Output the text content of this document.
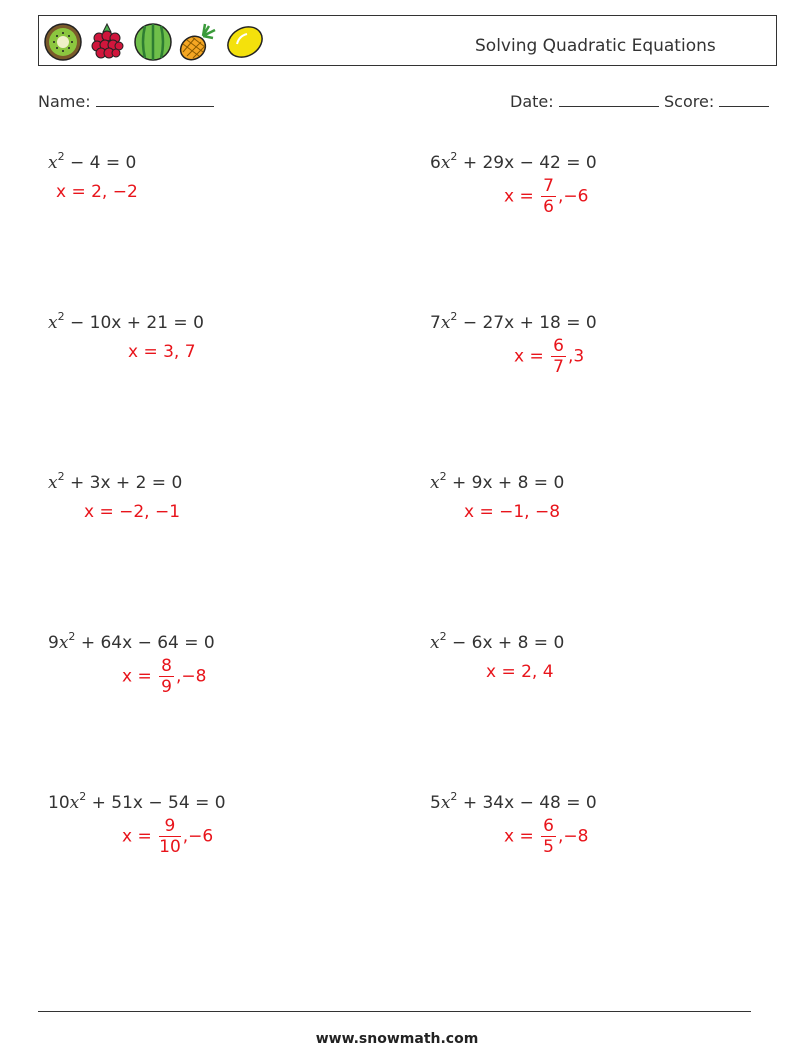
Solving Quadratic Equations
Name:	Date:	Score:
$x^2 - 4 = 0$
x = 2, −2
$6x^2 + 29x - 42 = 0$
$x = \frac{7}{6} ,-6$
$x^2 - 10x + 21 = 0$
x = 3, 7
$7x^2 - 27x + 18 = 0$
$x = \frac{6}{7} ,3$
$x^2 + 3x + 2 = 0$
x = −2, −1
$x^2 + 9x + 8 = 0$
x = −1, −8
$9x^2 + 64x - 64 = 0$
$x = \frac{8}{9} ,-8$
$x^2 - 6x + 8 = 0$
x = 2, 4
$10x^2 + 51x - 54 = 0$
$x = \frac{9}{10} ,-6$
$5x^2 + 34x - 48 = 0$
$x = \frac{6}{5} ,-8$
www.snowmath.com
